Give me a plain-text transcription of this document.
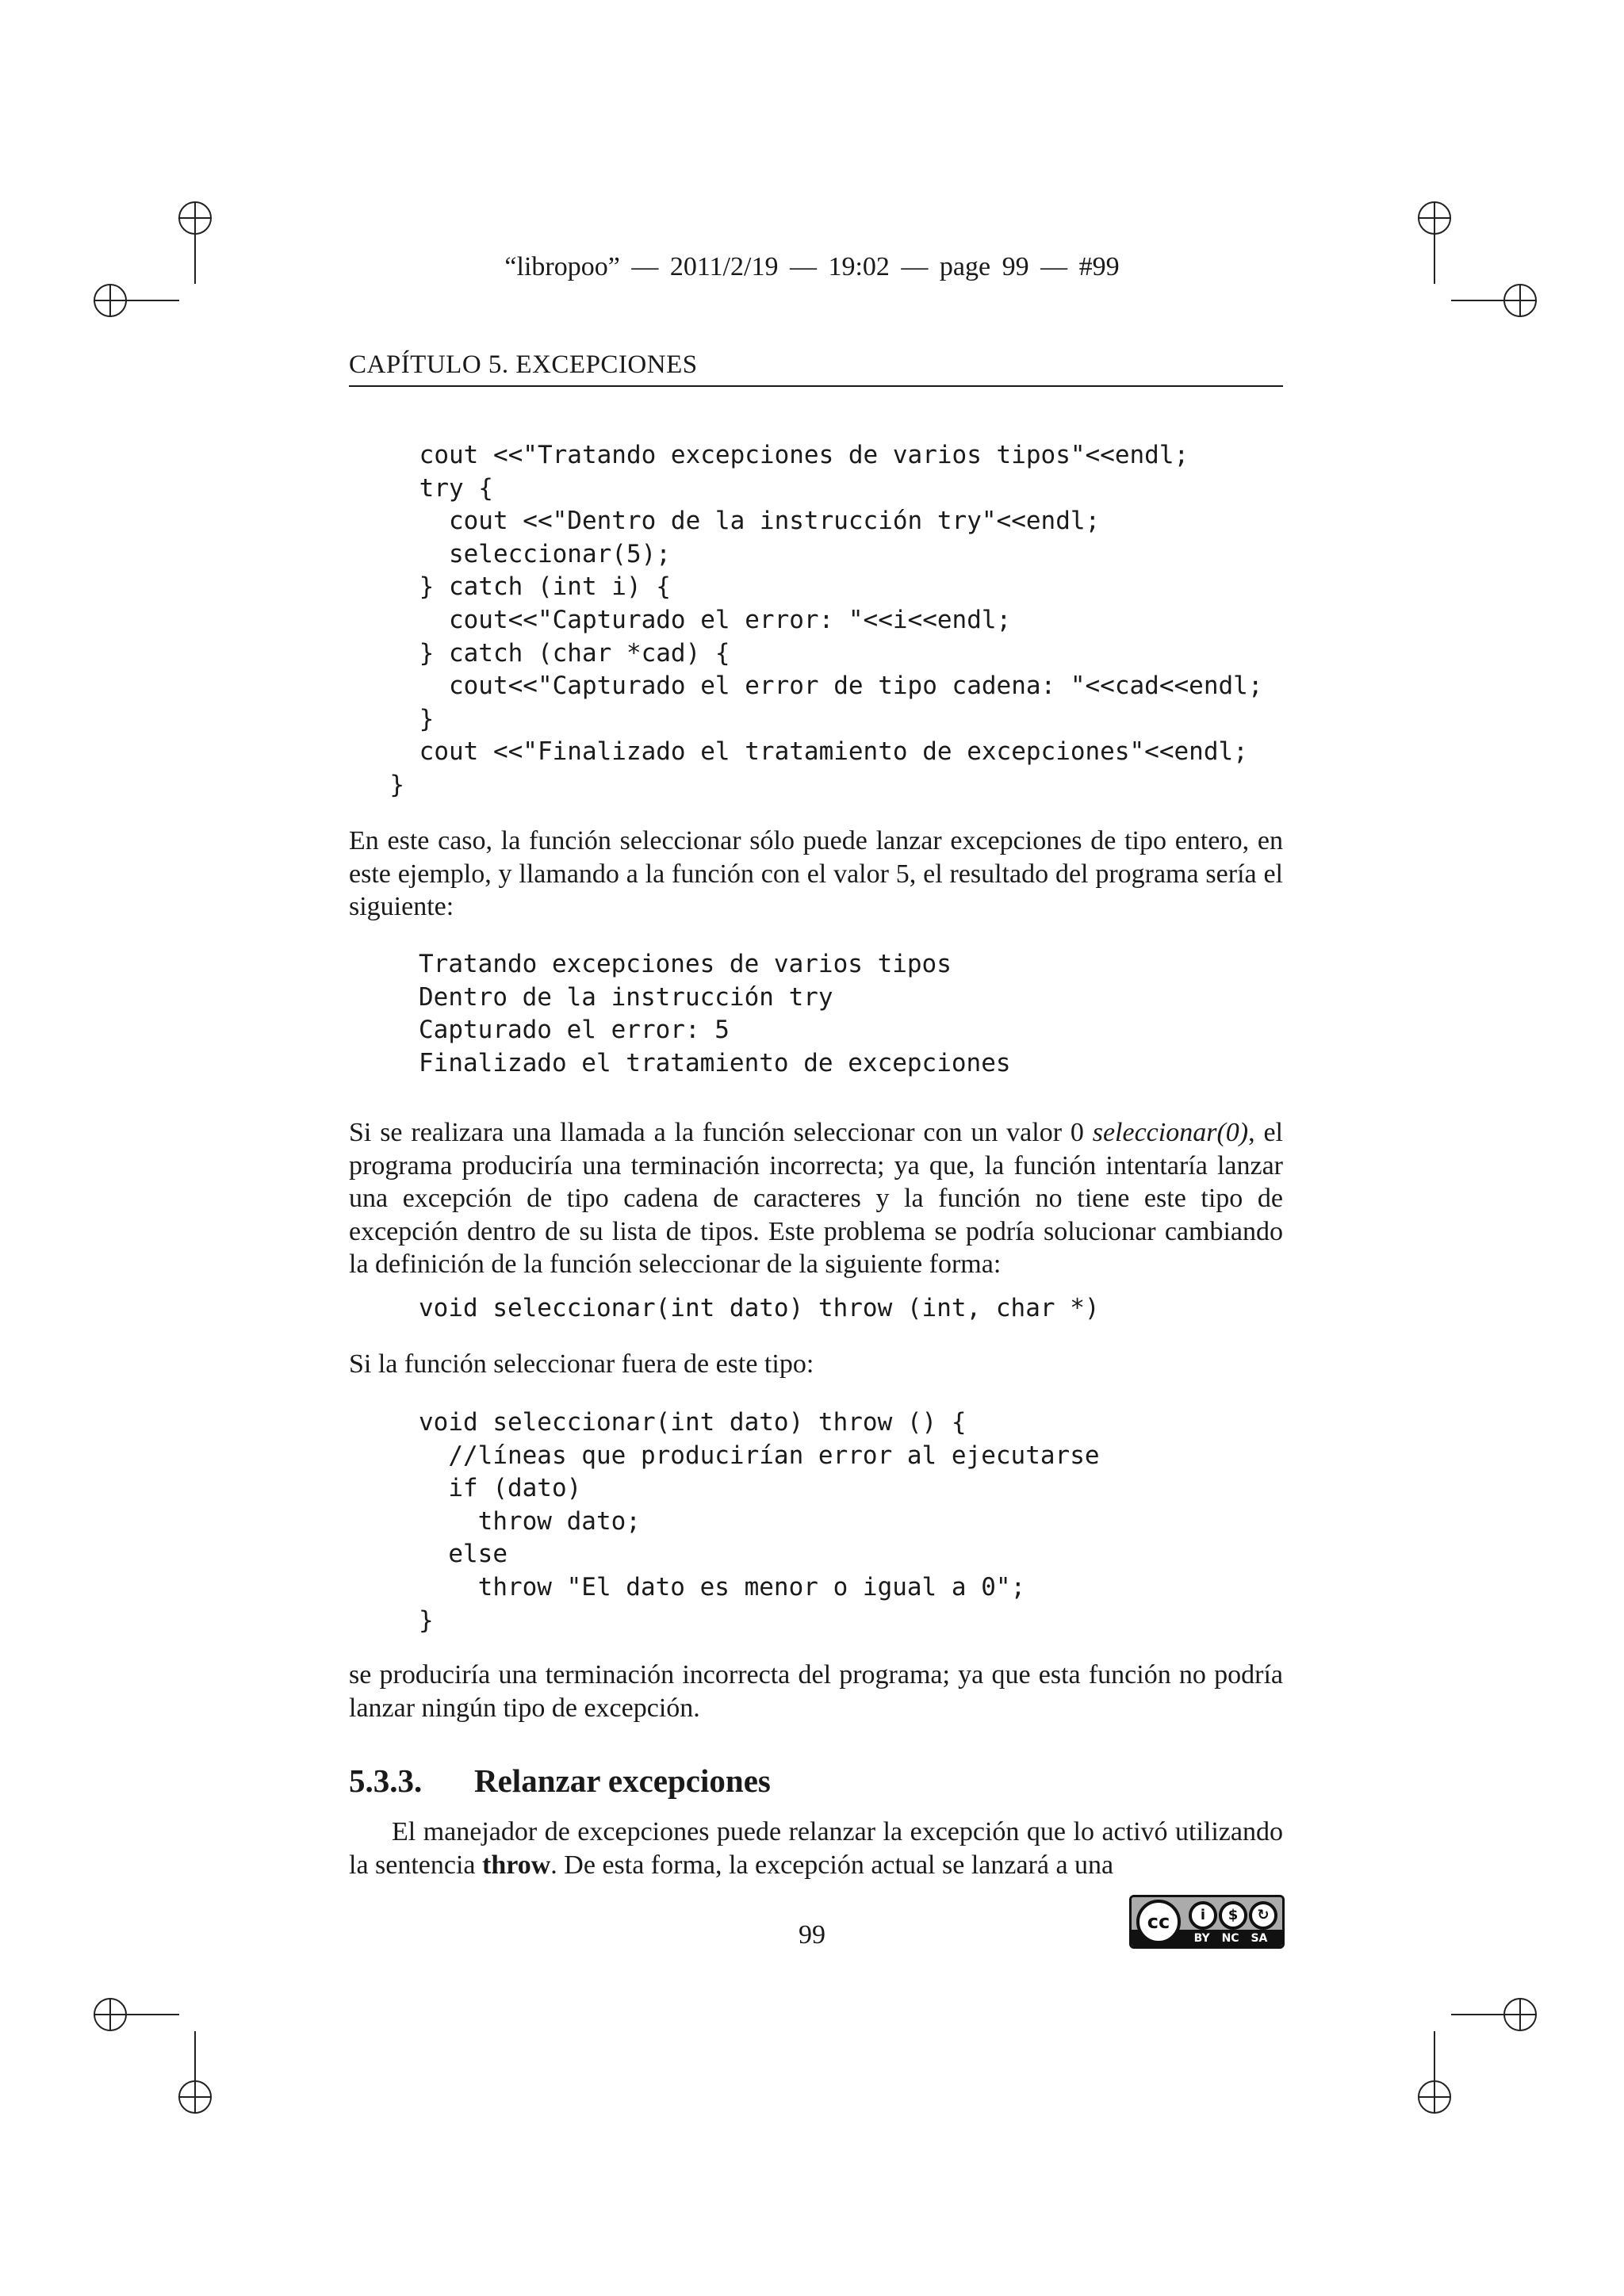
“libropoo” — 2011/2/19 — 19:02 — page 99 — #99
CAPÍTULO 5. EXCEPCIONES
cout <<"Tratando excepciones de varios tipos"<<endl;
try {
cout <<"Dentro de la instrucción try"<<endl;
seleccionar(5);
} catch (int i) {
cout<<"Capturado el error: "<<i<<endl;
} catch (char *cad) {
cout<<"Capturado el error de tipo cadena: "<<cad<<endl;
}
cout <<"Finalizado el tratamiento de excepciones"<<endl;
}

En este caso, la función seleccionar sólo puede lanzar excepciones de tipo entero, en este ejemplo, y llamando a la función con el valor 5, el resultado del programa sería el siguiente:

Tratando excepciones de varios tipos
Dentro de la instrucción try
Capturado el error: 5
Finalizado el tratamiento de excepciones

Si se realizara una llamada a la función seleccionar con un valor 0 seleccionar(0), el programa produciría una terminación incorrecta; ya que, la función intentaría lanzar una excepción de tipo cadena de caracteres y la función no tiene este tipo de excepción dentro de su lista de tipos. Este problema se podría solucionar cambiando la definición de la función seleccionar de la siguiente forma:

void seleccionar(int dato) throw (int, char *)

Si la función seleccionar fuera de este tipo:

void seleccionar(int dato) throw () {
//líneas que producirían error al ejecutarse
if (dato)
throw dato;
else
throw "El dato es menor o igual a 0";
}

se produciría una terminación incorrecta del programa; ya que esta función no podría lanzar ningún tipo de excepción.

5.3.3. Relanzar excepciones

El manejador de excepciones puede relanzar la excepción que lo activó utilizando la sentencia throw. De esta forma, la excepción actual se lanzará a una

99	cc	i	$	↻
BY NC SA
